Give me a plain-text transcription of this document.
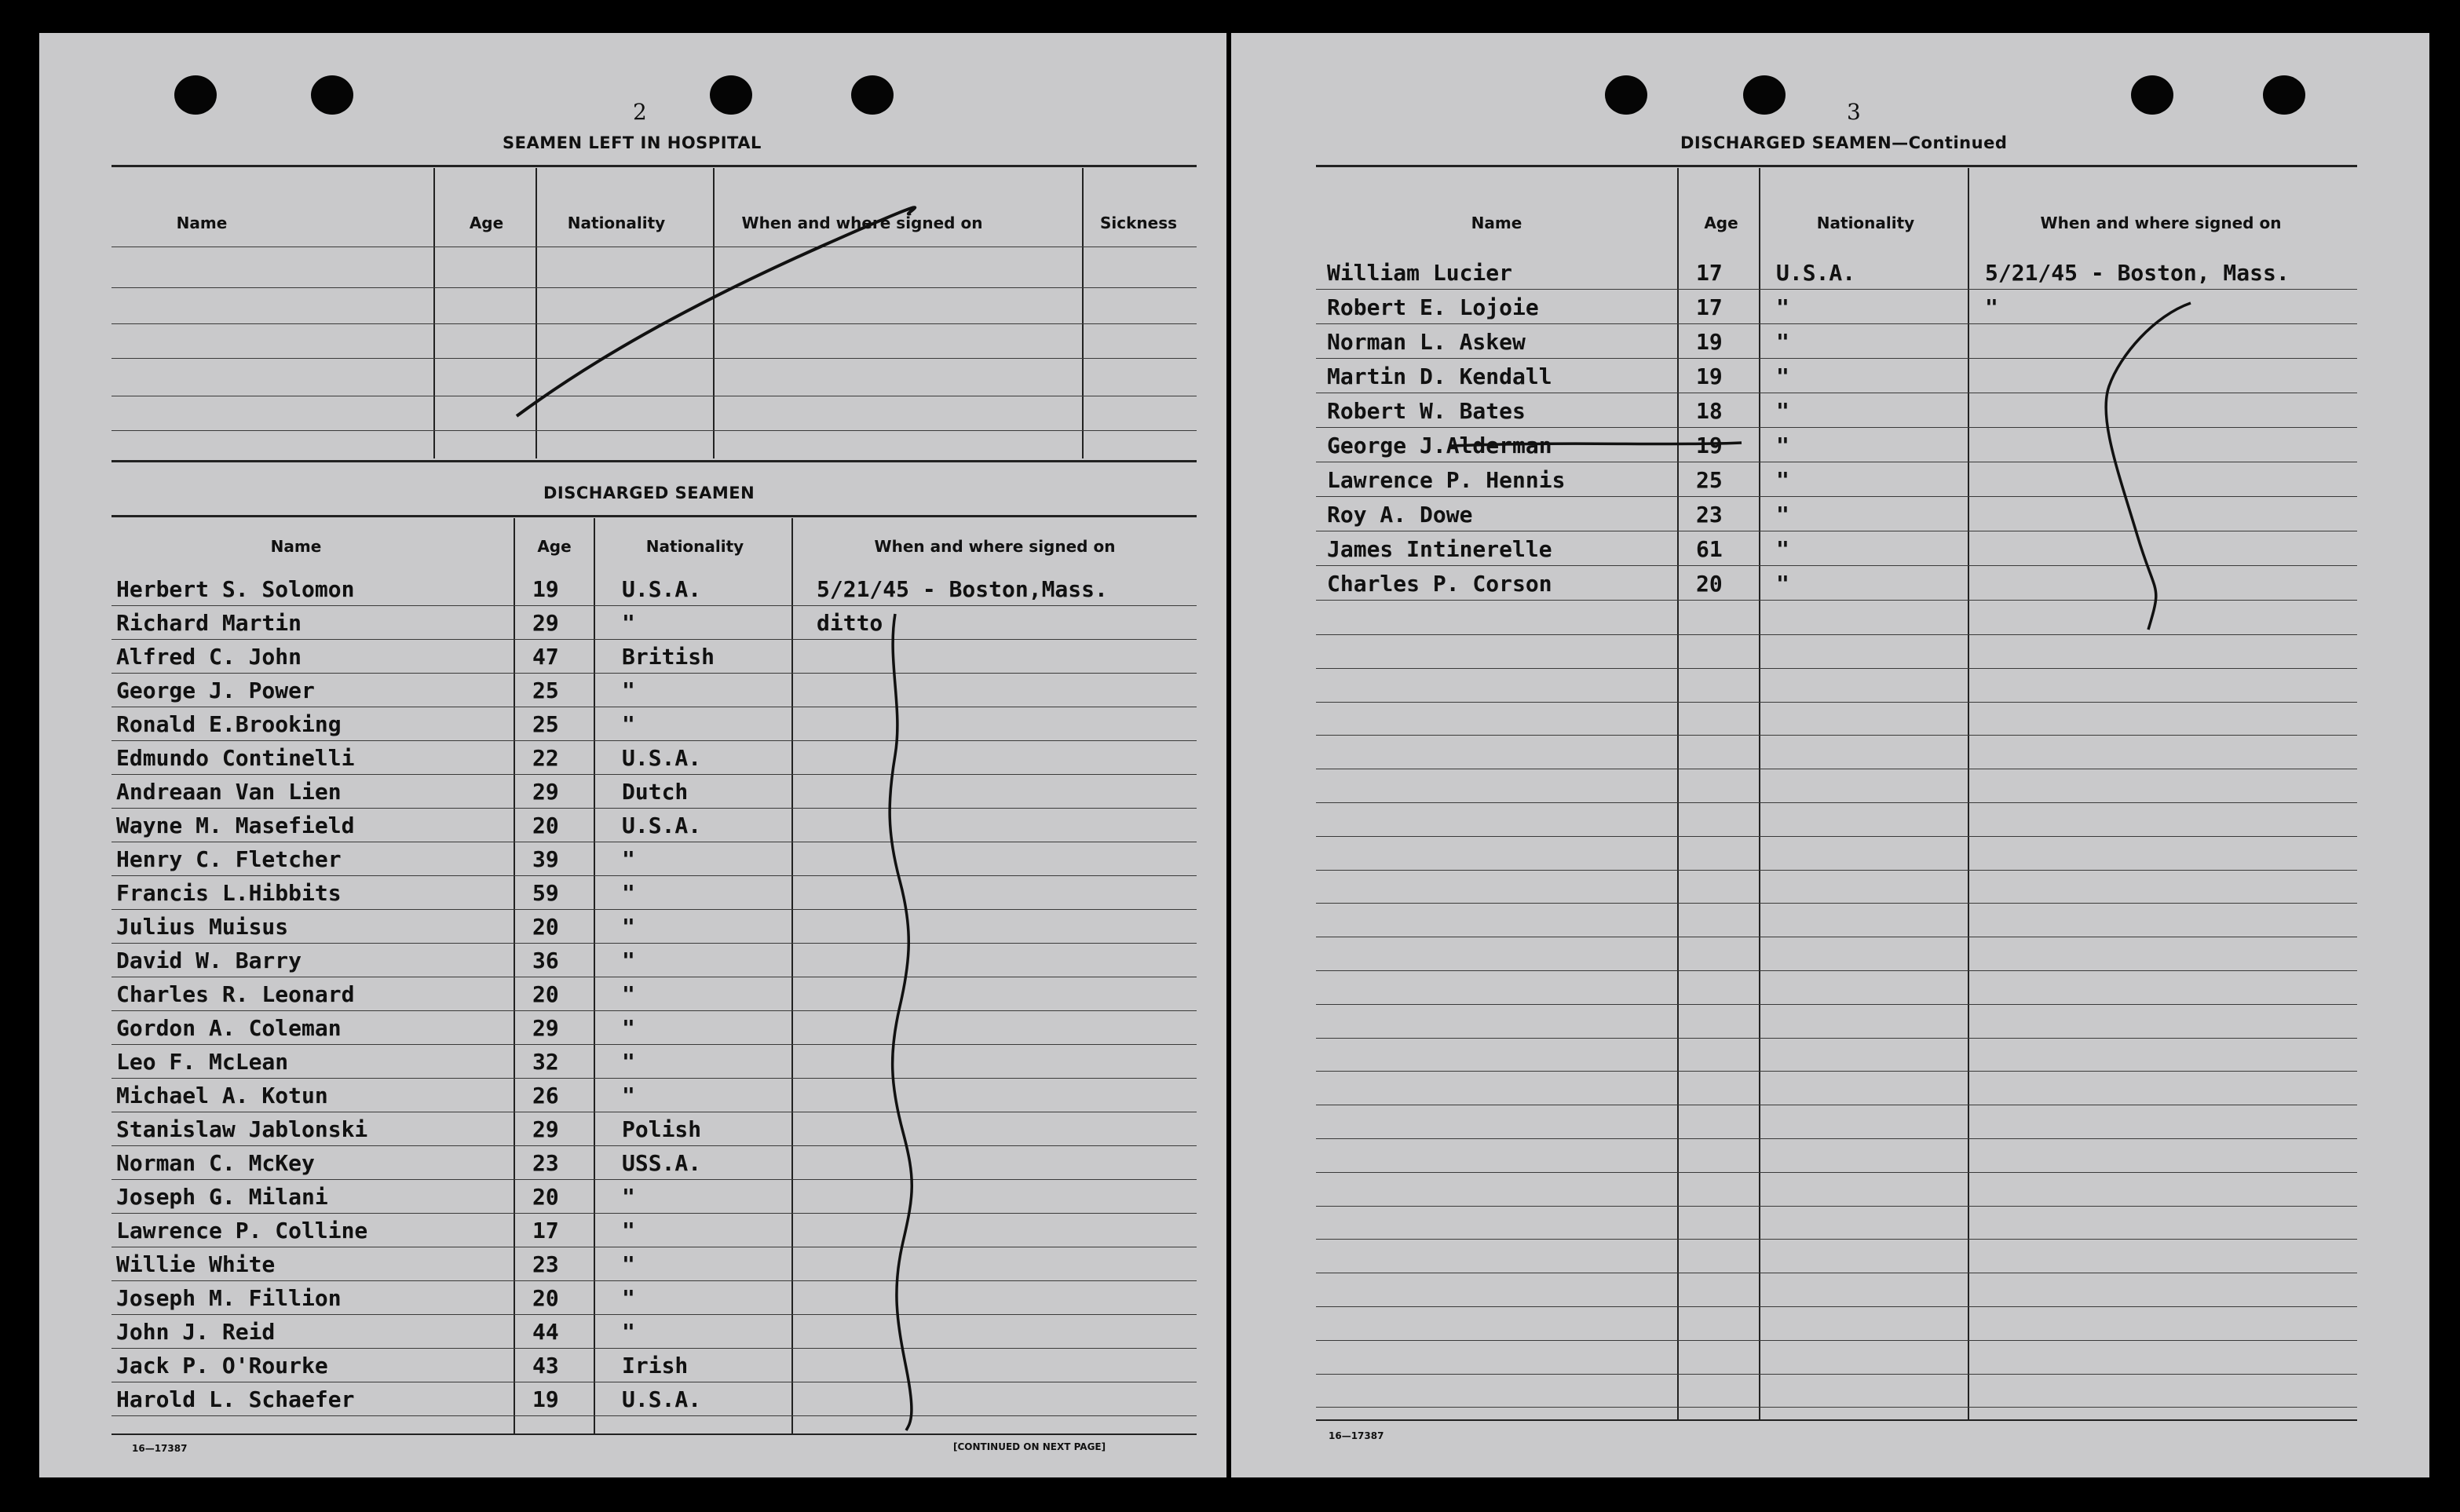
2
SEAMEN LEFT IN HOSPITAL
Name	Age	Nationality	When and where signed on	Sickness
DISCHARGED SEAMEN
Name	Age	Nationality	When and where signed on
Herbert S. Solomon	19	U.S.A.	5/21/45 - Boston,Mass.
Richard Martin	29	"	ditto
Alfred C. John	47	British
George J. Power	25	"
Ronald E.Brooking	25	"
Edmundo Continelli	22	U.S.A.
Andreaan Van Lien	29	Dutch
Wayne M. Masefield	20	U.S.A.
Henry C. Fletcher	39	"
Francis L.Hibbits	59	"
Julius Muisus	20	"
David W. Barry	36	"
Charles R. Leonard	20	"
Gordon A. Coleman	29	"
Leo F. McLean	32	"
Michael A. Kotun	26	"
Stanislaw Jablonski	29	Polish
Norman C. McKey	23	USS.A.
Joseph G. Milani	20	"
Lawrence P. Colline	17	"
Willie White	23	"
Joseph M. Fillion	20	"
John J. Reid	44	"
Jack P. O'Rourke	43	Irish
Harold L. Schaefer	19	U.S.A.
16—17387	[CONTINUED ON NEXT PAGE]
3
DISCHARGED SEAMEN—Continued
Name	Age	Nationality	When and where signed on
William Lucier	17 U.S.A.	5/21/45 - Boston, Mass.
Robert E. Lojoie	17 "	"
Norman L. Askew	19 "
Martin D. Kendall	19 "
Robert W. Bates	18 "
George J.Alderman	19 "
Lawrence P. Hennis	25 "
Roy A. Dowe	23 "
James Intinerelle	61 "
Charles P. Corson	20 "
16—17387
